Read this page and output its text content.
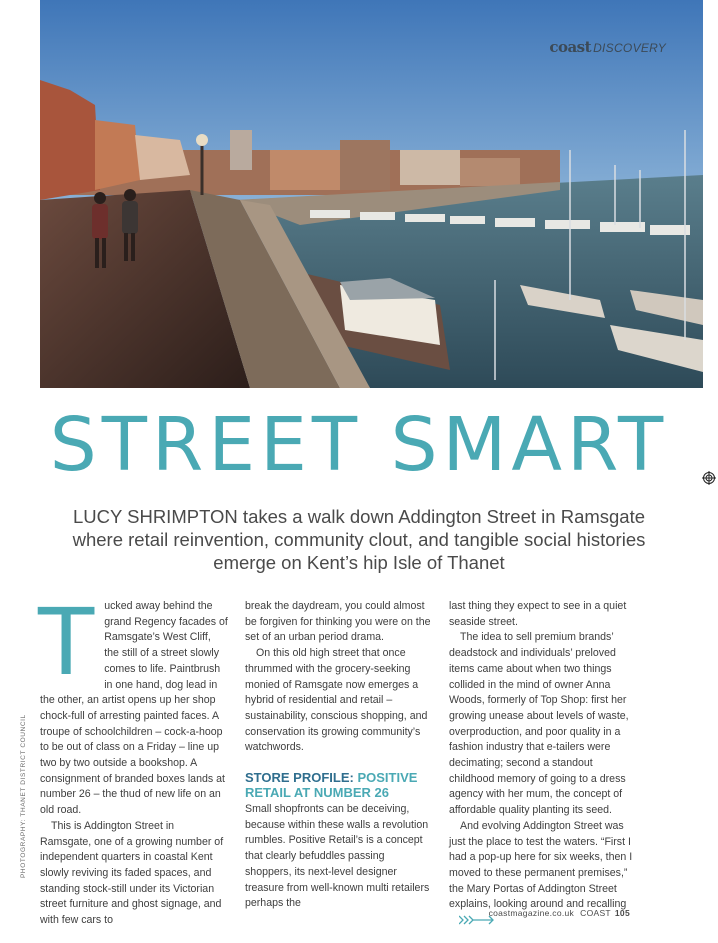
coast DISCOVERY
STREET SMART

LUCY SHRIMPTON takes a walk down Addington Street in Ramsgate where retail reinvention, community clout, and tangible social histories emerge on Kent’s hip Isle of Thanet

PHOTOGRAPHY: THANET DISTRICT COUNCIL

Tucked away behind the grand Regency facades of Ramsgate’s West Cliff, the still of a street slowly comes to life. Paintbrush in one hand, dog lead in the other, an artist opens up her shop chock-full of arresting painted faces. A troupe of schoolchildren – cock-a-hoop to be out of class on a Friday – line up two by two outside a bookshop. A consignment of branded boxes lands at number 26 – the thud of new life on an old road.

This is Addington Street in Ramsgate, one of a growing number of independent quarters in coastal Kent slowly reviving its faded spaces, and standing stock-still under its Victorian street furniture and ghost signage, and with few cars to

break the daydream, you could almost be forgiven for thinking you were on the set of an urban period drama.

On this old high street that once thrummed with the grocery-seeking monied of Ramsgate now emerges a hybrid of residential and retail – sustainability, conscious shopping, and conservation its growing community’s watchwords.

STORE PROFILE: POSITIVE RETAIL AT NUMBER 26

Small shopfronts can be deceiving, because within these walls a revolution rumbles. Positive Retail’s is a concept that clearly befuddles passing shoppers, its next-level designer treasure from well-known multi retailers perhaps the

last thing they expect to see in a quiet seaside street.

The idea to sell premium brands’ deadstock and individuals’ preloved items came about when two things collided in the mind of owner Anna Woods, formerly of Top Shop: first her growing unease about levels of waste, overproduction, and poor quality in a fashion industry that e-tailers were decimating; second a standout childhood memory of going to a dress agency with her mum, the concept of affordable quality planting its seed.

And evolving Addington Street was just the place to test the waters. “First I had a pop-up here for six weeks, then I moved to these permanent premises,” the Mary Portas of Addington Street explains, looking around and recalling

coastmagazine.co.uk COAST 105
